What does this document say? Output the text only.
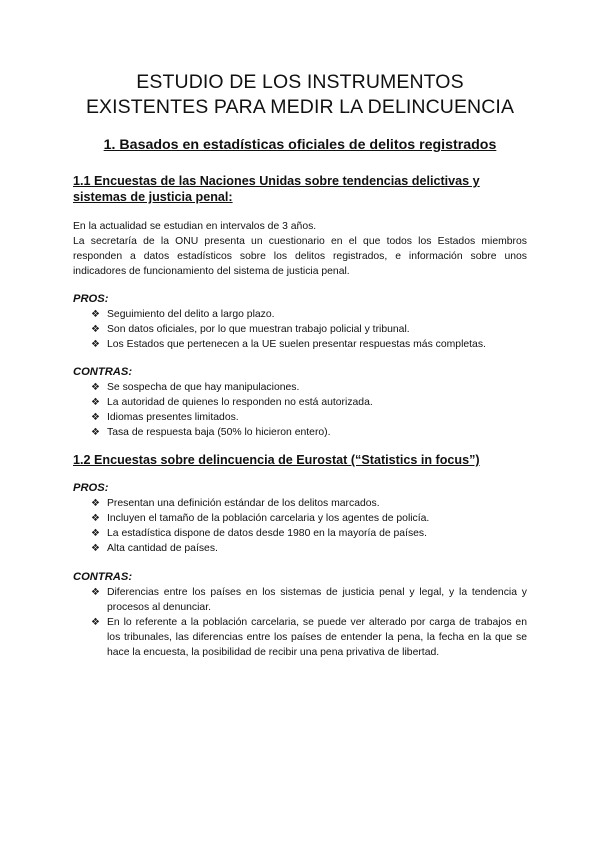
ESTUDIO DE LOS INSTRUMENTOS
EXISTENTES PARA MEDIR LA DELINCUENCIA
1. Basados en estadísticas oficiales de delitos registrados
1.1 Encuestas de las Naciones Unidas sobre tendencias delictivas y sistemas de justicia penal:

En la actualidad se estudian en intervalos de 3 años.

La secretaría de la ONU presenta un cuestionario en el que todos los Estados miembros responden a datos estadísticos sobre los delitos registrados, e información sobre unos indicadores de funcionamiento del sistema de justicia penal.

PROS:

❖ Seguimiento del delito a largo plazo.
❖ Son datos oficiales, por lo que muestran trabajo policial y tribunal.
❖ Los Estados que pertenecen a la UE suelen presentar respuestas más completas.

CONTRAS:

❖ Se sospecha de que hay manipulaciones.
❖ La autoridad de quienes lo responden no está autorizada.
❖ Idiomas presentes limitados.
❖ Tasa de respuesta baja (50% lo hicieron entero).
1.2 Encuestas sobre delincuencia de Eurostat (“Statistics in focus”)

PROS:

❖ Presentan una definición estándar de los delitos marcados.
❖ Incluyen el tamaño de la población carcelaria y los agentes de policía.
❖ La estadística dispone de datos desde 1980 en la mayoría de países.
❖ Alta cantidad de países.

CONTRAS:

❖ Diferencias entre los países en los sistemas de justicia penal y legal, y la tendencia y procesos al denunciar.
❖ En lo referente a la población carcelaria, se puede ver alterado por carga de trabajos en los tribunales, las diferencias entre los países de entender la pena, la fecha en la que se hace la encuesta, la posibilidad de recibir una pena privativa de libertad.
